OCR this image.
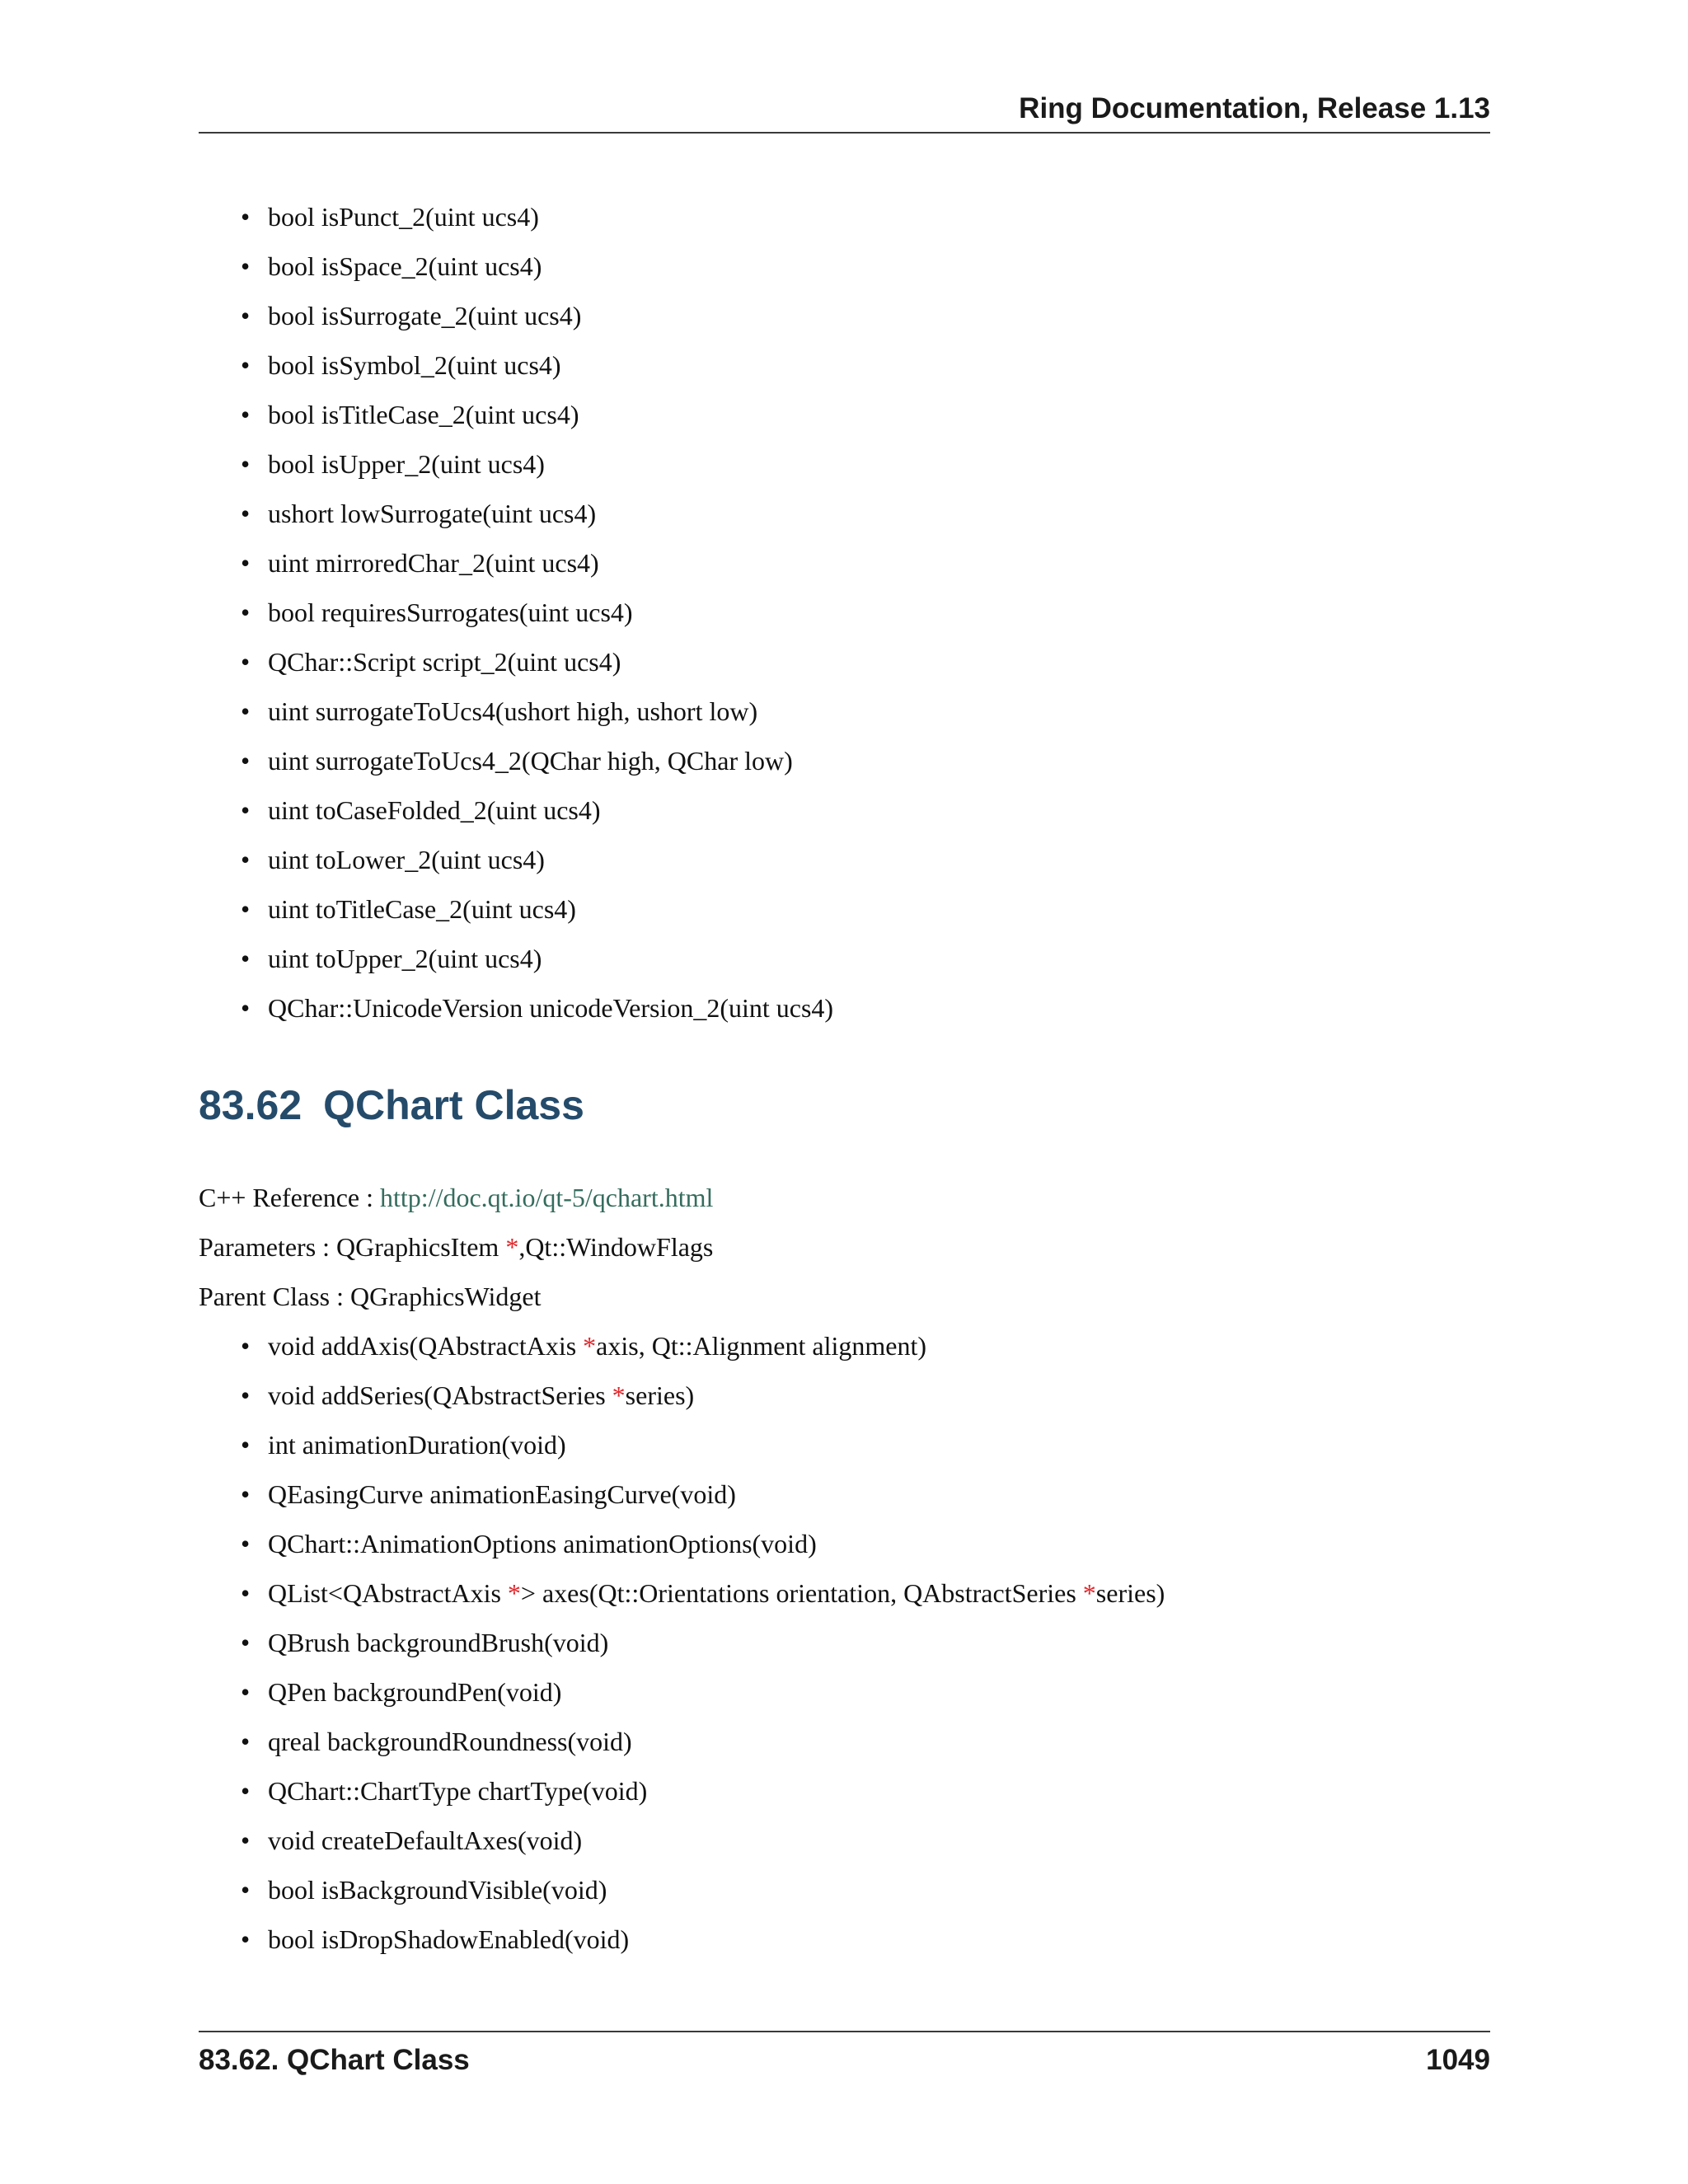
Ring Documentation, Release 1.13
• bool isPunct_2(uint ucs4)
• bool isSpace_2(uint ucs4)
• bool isSurrogate_2(uint ucs4)
• bool isSymbol_2(uint ucs4)
• bool isTitleCase_2(uint ucs4)
• bool isUpper_2(uint ucs4)
• ushort lowSurrogate(uint ucs4)
• uint mirroredChar_2(uint ucs4)
• bool requiresSurrogates(uint ucs4)
• QChar::Script script_2(uint ucs4)
• uint surrogateToUcs4(ushort high, ushort low)
• uint surrogateToUcs4_2(QChar high, QChar low)
• uint toCaseFolded_2(uint ucs4)
• uint toLower_2(uint ucs4)
• uint toTitleCase_2(uint ucs4)
• uint toUpper_2(uint ucs4)
• QChar::UnicodeVersion unicodeVersion_2(uint ucs4)
83.62 QChart Class
C++ Reference : http://doc.qt.io/qt-5/qchart.html
Parameters : QGraphicsItem *,Qt::WindowFlags
Parent Class : QGraphicsWidget
• void addAxis(QAbstractAxis *axis, Qt::Alignment alignment)
• void addSeries(QAbstractSeries *series)
• int animationDuration(void)
• QEasingCurve animationEasingCurve(void)
• QChart::AnimationOptions animationOptions(void)
• QList<QAbstractAxis *> axes(Qt::Orientations orientation, QAbstractSeries *series)
• QBrush backgroundBrush(void)
• QPen backgroundPen(void)
• qreal backgroundRoundness(void)
• QChart::ChartType chartType(void)
• void createDefaultAxes(void)
• bool isBackgroundVisible(void)
• bool isDropShadowEnabled(void)
83.62. QChart Class	1049
